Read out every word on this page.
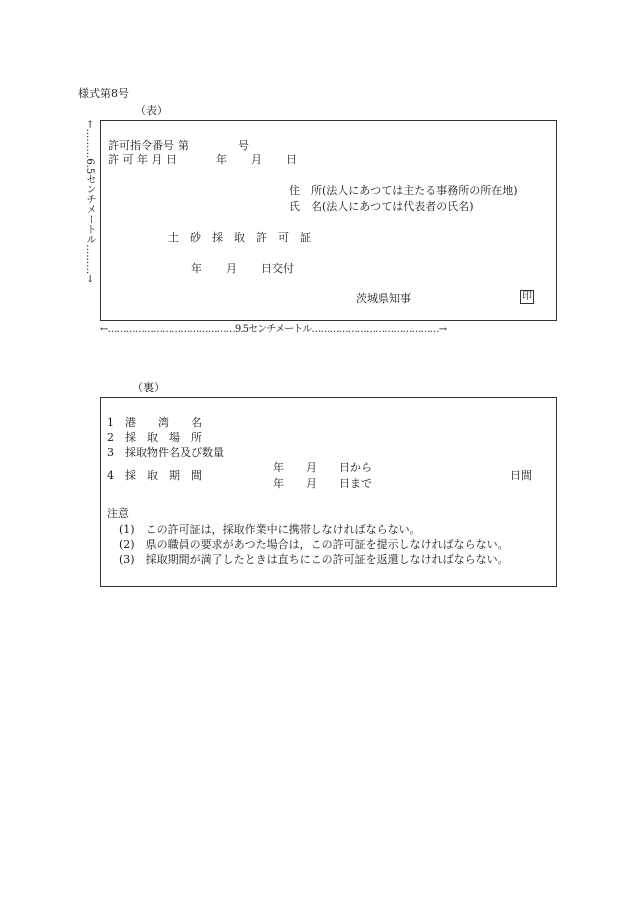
様式第8号
（表）
←………6.5センチメートル………→ 許可指令番号 第	号
許 可 年 月 日	年 月 日
住　所(法人にあつては主たる事務所の所在地)
氏　名(法人にあつては代表者の氏名)
土　砂　採　取　許　可　証
年 月 日交付
茨城県知事	印
←……………………………………9.5センチメートル……………………………………→
（裏）
1　港　　湾　　名
2　採　取　場　所
3　採取物件名及び数量
4　採　取　期　間
年　　月　　日から
年　　月　　日まで
日間
注意
(1)　この許可証は，採取作業中に携帯しなければならない。
(2)　県の職員の要求があつた場合は，この許可証を提示しなければならない。
(3)　採取期間が満了したときは直ちにこの許可証を返還しなければならない。
